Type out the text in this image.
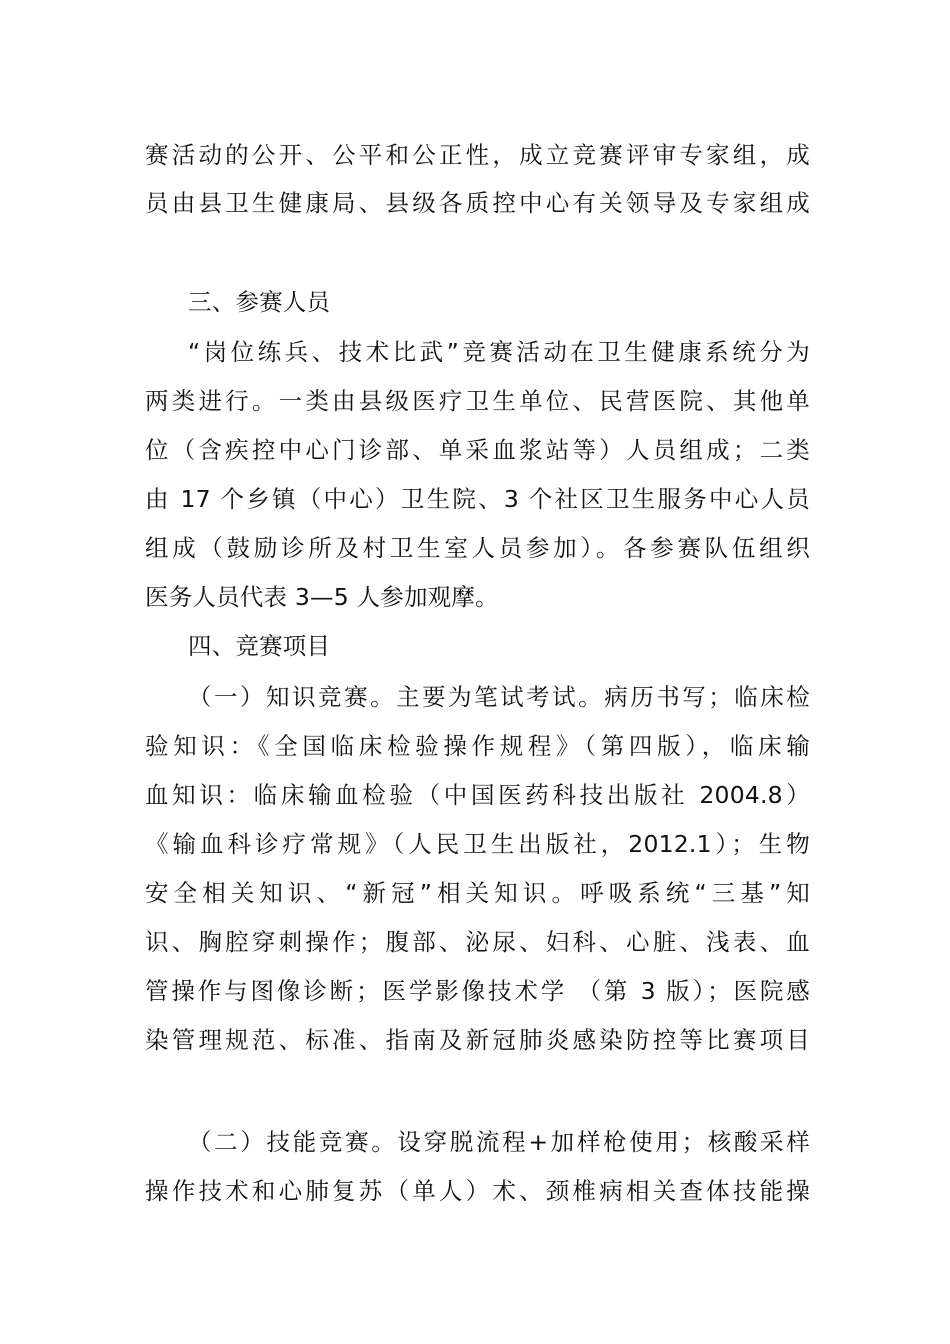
赛活动的公开、公平和公正性，成立竞赛评审专家组，成
员由县卫生健康局、县级各质控中心有关领导及专家组成
三、参赛人员
“岗位练兵、技术比武”竞赛活动在卫生健康系统分为
两类进行。一类由县级医疗卫生单位、民营医院、其他单
位（含疾控中心门诊部、单采血浆站等）人员组成；二类
由 17 个乡镇（中心）卫生院、3 个社区卫生服务中心人员
组成（鼓励诊所及村卫生室人员参加）。各参赛队伍组织
医务人员代表 3—5 人参加观摩。
四、竞赛项目
（一）知识竞赛。主要为笔试考试。病历书写；临床检
验知识：《全国临床检验操作规程》（第四版），临床输
血知识：临床输血检验（中国医药科技出版社 2004.8）
《输血科诊疗常规》（人民卫生出版社，2012.1）；生物
安全相关知识、“新冠”相关知识。呼吸系统“三基”知
识、胸腔穿刺操作；腹部、泌尿、妇科、心脏、浅表、血
管操作与图像诊断；医学影像技术学 （第 3 版）；医院感
染管理规范、标准、指南及新冠肺炎感染防控等比赛项目
（二）技能竞赛。设穿脱流程+加样枪使用；核酸采样
操作技术和心肺复苏（单人）术、颈椎病相关查体技能操
